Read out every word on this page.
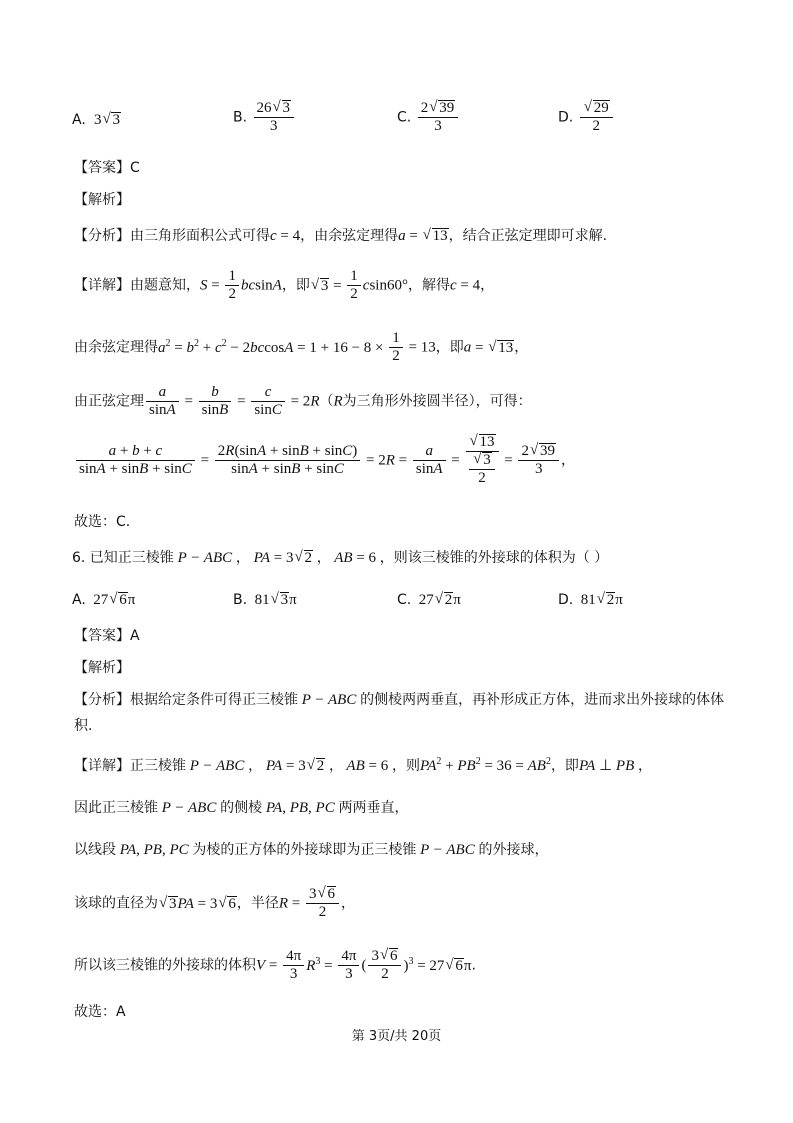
A.  3√ 3	B. $\frac{26√ 3}{3}$	C. $\frac{2√ 39}{3}$	D.
√ $\frac{29}{2}$
【答案】C
【解析】
【分析】由三角形面积公式可得c = 4，由余弦定理得a = √ 13，结合正弦定理即可求解.
【详解】由题意知，$S = \frac{1}{2}$ bcsinA，即√ $3 = \frac{1}{2} csin60^\circ$，解得c = 4，
由余弦定理得$a^2 = b^2 + c^2 - 2bccosA = 1 + 16 - 8 \times \frac{1}{2} = 13$，即a = √ 13，
由正弦定理 $\frac{a}{\sin A} = \frac{b}{\sin B} = \frac{c}{\sin C} = 2R(R$为三角形外接圆半径），可得：
$\frac{a + b + c}{\sin A + \sin B + \sin C} = \frac{2R(\sin A + \sin B + \sin C)}{\sin A + \sin B + \sin C} = 2R = \frac{a}{\sin A}$ =
√ 13
√ $\frac{3}{2} = \frac{2√ 39}{3}$ ，
故选：C.
6. 已知正三棱锥 P − ABC ， PA = 3√ 2 ， AB = 6 ，则该三棱锥的外接球的体积为（ ）
A.  27√ 6π	B.  81√ 3π	C.  27√ 2π	D.  81√ 2π
【答案】A
【解析】
【分析】根据给定条件可得正三棱锥 P − ABC 的侧棱两两垂直，再补形成正方体，进而求出外接球的体体
积.
【详解】正三棱锥 P − ABC ， PA = 3√ 2 ， AB = 6 ，则$PA^2 + PB^2 = 36 = AB^2$，即PA ⊥ PB ，
因此正三棱锥 P − ABC 的侧棱 PA, PB, PC 两两垂直，
以线段 PA, PB, PC 为棱的正方体的外接球即为正三棱锥 P − ABC 的外接球，
该球的直径为√ 3PA = 3√ 6，半径$R = \frac{3√ 6}{2}$ ，
所以该三棱锥的外接球的体积$V = \frac{4\pi}{3} R^3 = \frac{4\pi}{3}$ ( $\frac{3√ 6}{2} )^3 = 27√$ 6π.
故选：A
第 3页/共 20页
